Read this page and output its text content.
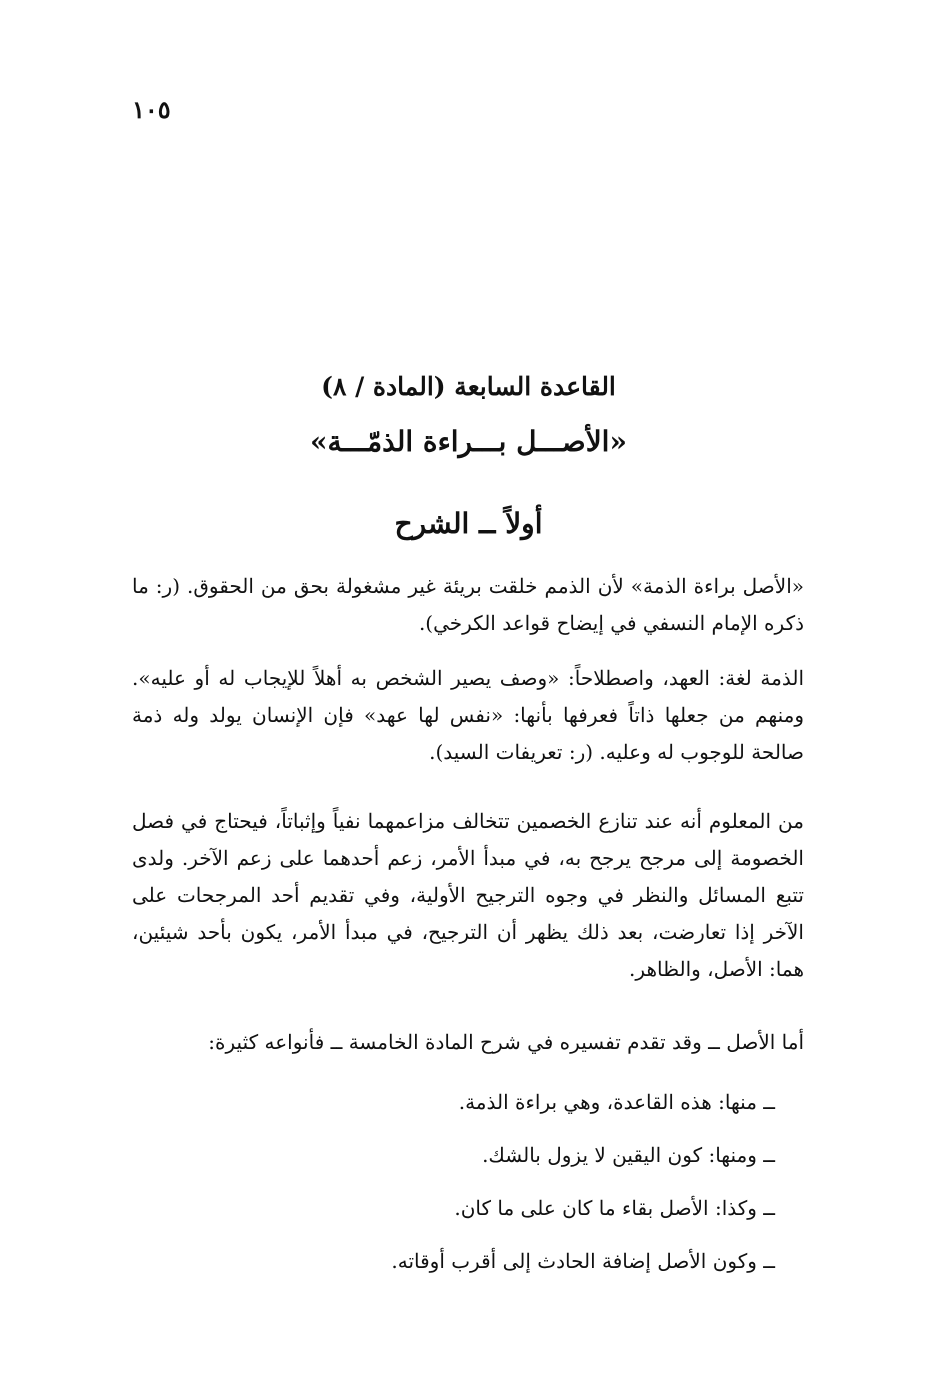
١٠٥
القاعدة السابعة (المادة / ٨)
«الأصـــل بـــراءة الذمّـــة»
أولاً ــ الشرح
«الأصل براءة الذمة» لأن الذمم خلقت بريئة غير مشغولة بحق من الحقوق. (ر: ما ذكره الإمام النسفي في إيضاح قواعد الكرخي).
الذمة لغة: العهد، واصطلاحاً: «وصف يصير الشخص به أهلاً للإيجاب له أو عليه». ومنهم من جعلها ذاتاً فعرفها بأنها: «نفس لها عهد» فإن الإنسان يولد وله ذمة صالحة للوجوب له وعليه. (ر: تعريفات السيد).
من المعلوم أنه عند تنازع الخصمين تتخالف مزاعمهما نفياً وإثباتاً، فيحتاج في فصل الخصومة إلى مرجح يرجح به، في مبدأ الأمر، زعم أحدهما على زعم الآخر. ولدى تتبع المسائل والنظر في وجوه الترجيح الأولية، وفي تقديم أحد المرجحات على الآخر إذا تعارضت، بعد ذلك يظهر أن الترجيح، في مبدأ الأمر، يكون بأحد شيئين، هما: الأصل، والظاهر.
أما الأصل ــ وقد تقدم تفسيره في شرح المادة الخامسة ــ فأنواعه كثيرة:
ــ منها: هذه القاعدة، وهي براءة الذمة.
ــ ومنها: كون اليقين لا يزول بالشك.
ــ وكذا: الأصل بقاء ما كان على ما كان.
ــ وكون الأصل إضافة الحادث إلى أقرب أوقاته.
